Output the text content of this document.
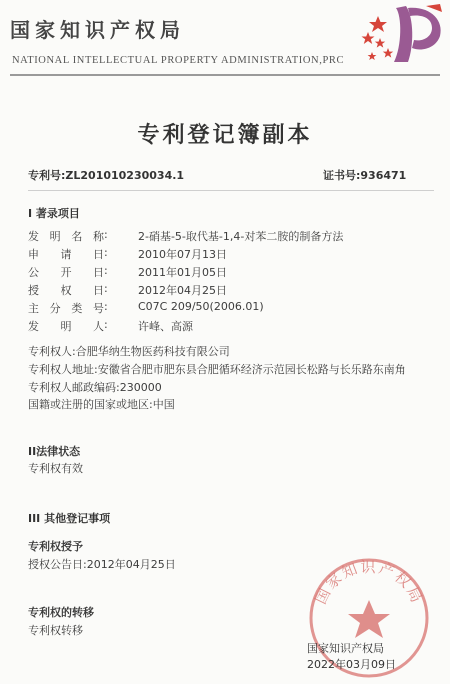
国家知识产权局
NATIONAL INTELLECTUAL PROPERTY ADMINISTRATION,PRC
专利登记簿副本
专利号:ZL201010230034.1	证书号:936471
I 著录项目
发 明 名 称 :	2-硝基-5-取代基-1,4-对苯二胺的制备方法
申 请 日 :	2010年07月13日
公 开 日 :	2011年01月05日
授 权 日 :	2012年04月25日
主 分 类 号 :	C07C 209/50(2006.01)
发 明 人 :	许峰、高源
专利权人:合肥华纳生物医药科技有限公司
专利权人地址:安徽省合肥市肥东县合肥循环经济示范园长松路与长乐路东南角
专利权人邮政编码:230000
国籍或注册的国家或地区:中国
II法律状态
专利权有效
III 其他登记事项
专利权授予
授权公告日:2012年04月25日
专利权的转移
专利权转移
国家知识产权局
国家知识产权局
2022年03月09日
